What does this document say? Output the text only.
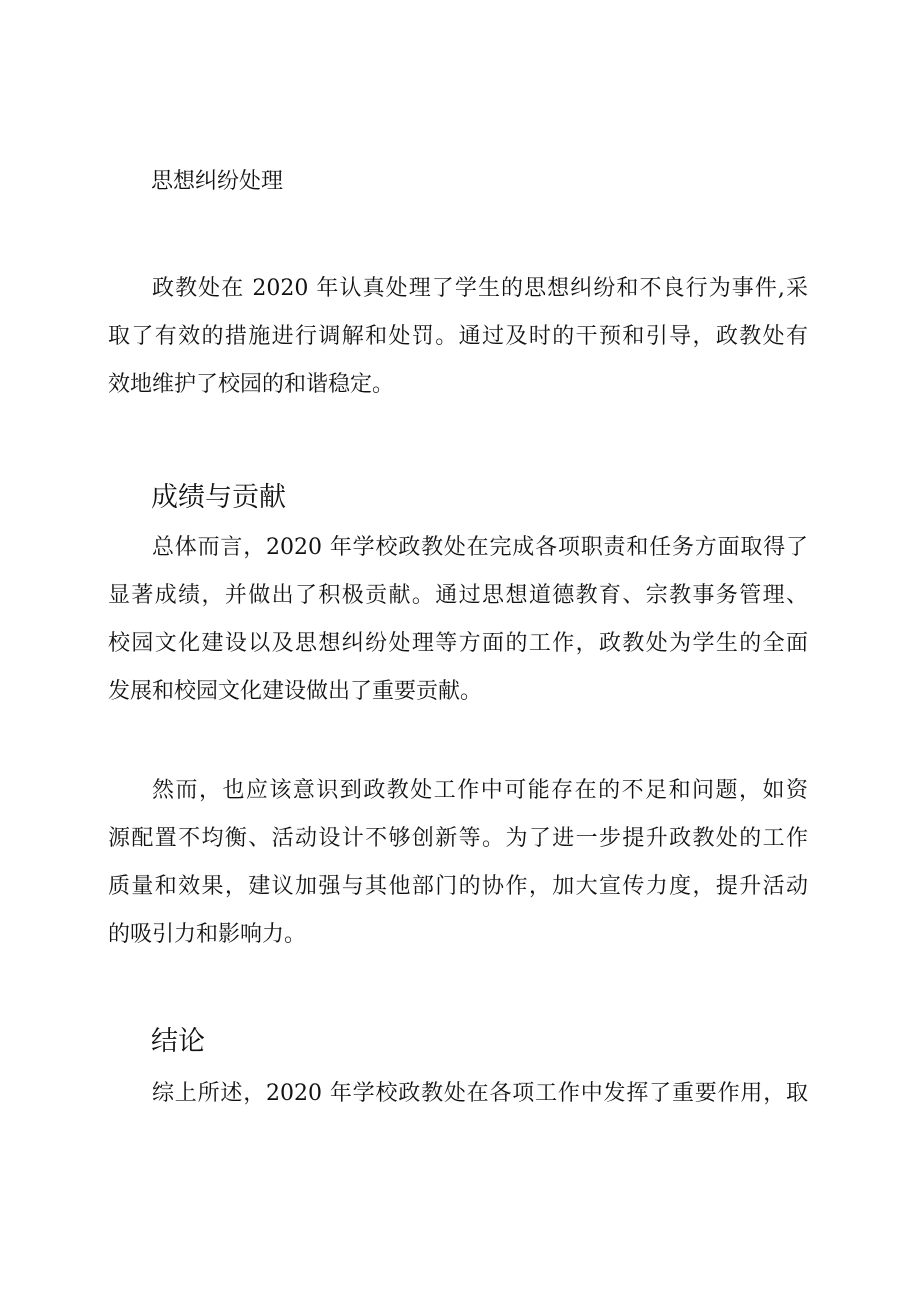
思想纠纷处理
政教处在 2020 年认真处理了学生的思想纠纷和不良行为事件,采
取了有效的措施进行调解和处罚。通过及时的干预和引导，政教处有
效地维护了校园的和谐稳定。
成绩与贡献
总体而言，2020 年学校政教处在完成各项职责和任务方面取得了
显著成绩，并做出了积极贡献。通过思想道德教育、宗教事务管理、
校园文化建设以及思想纠纷处理等方面的工作，政教处为学生的全面
发展和校园文化建设做出了重要贡献。
然而，也应该意识到政教处工作中可能存在的不足和问题，如资
源配置不均衡、活动设计不够创新等。为了进一步提升政教处的工作
质量和效果，建议加强与其他部门的协作，加大宣传力度，提升活动
的吸引力和影响力。
结论
综上所述，2020 年学校政教处在各项工作中发挥了重要作用，取
